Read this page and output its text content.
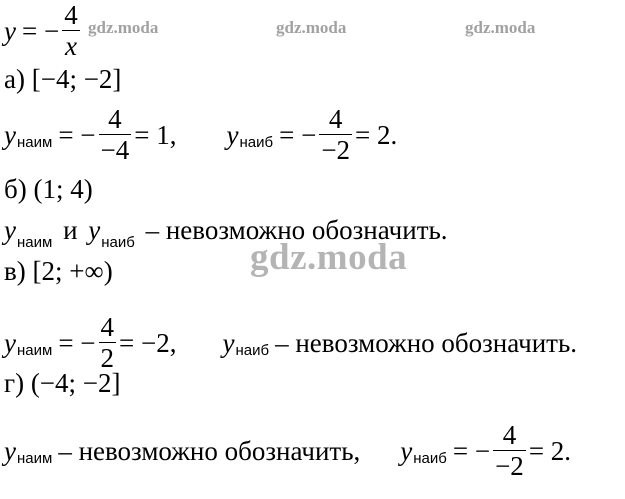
y = − $\frac{4}{x}$ gdz.moda	gdz.moda	gdz.moda
а) [−4; −2]
y наим = − $\frac{4}{-4} = 1$, y наиб = − $\frac{4}{-2} = 2$.
б) (1; 4)
$y_{наим}$ и $y_{наиб}$ – невозможно обозначить.
gdz.moda
в) [2; +∞)
y наим = − $\frac{4}{2} = -2$, y наиб – невозможно обозначить.
г) (−4; −2]
y наим – невозможно обозначить, y наиб = − $\frac{4}{-2} = 2$.
